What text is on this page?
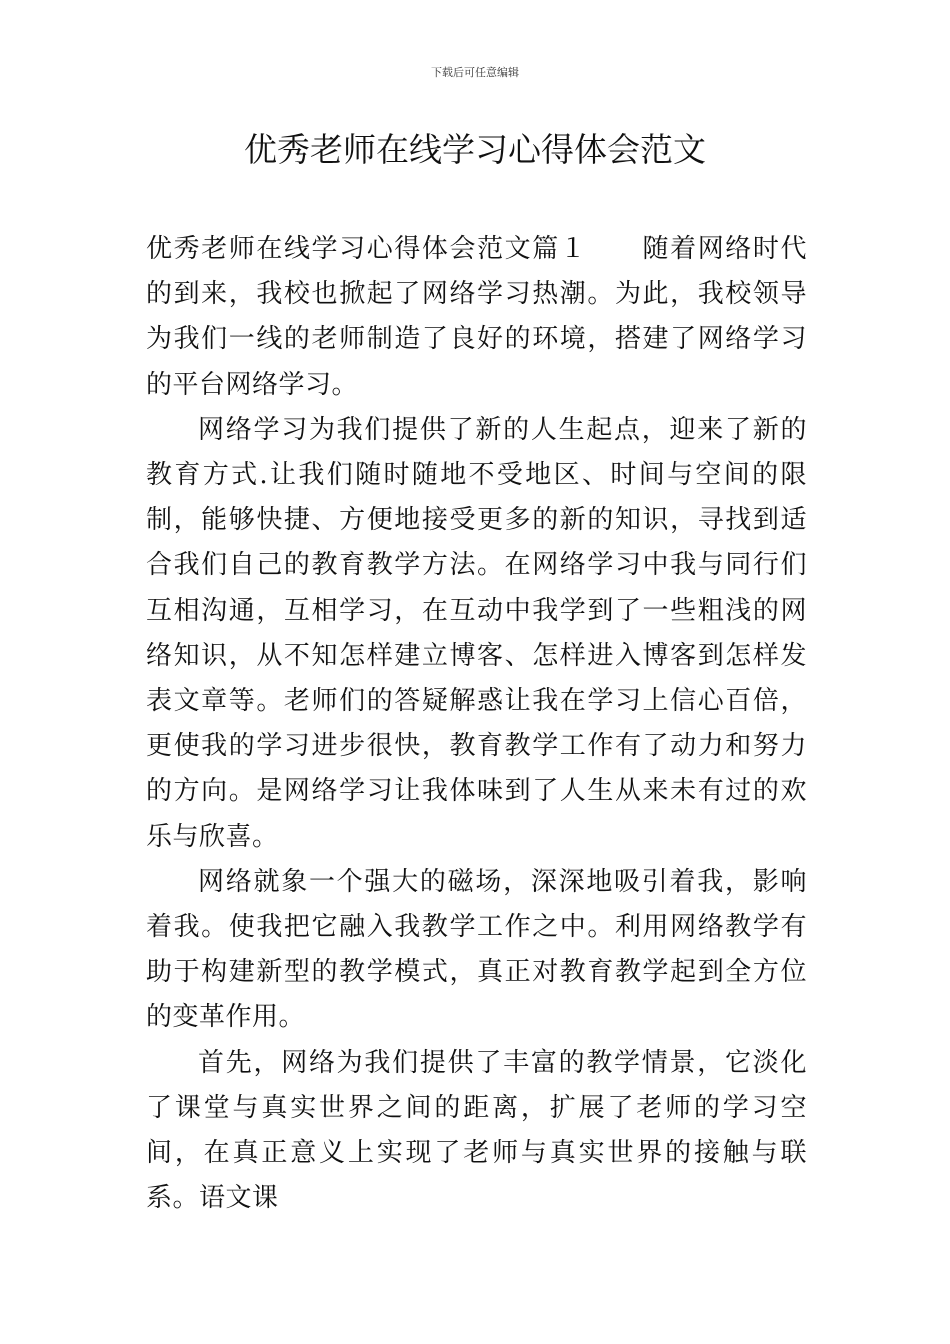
下载后可任意编辑
优秀老师在线学习心得体会范文

优秀老师在线学习心得体会范文篇１ 随着网络时代的到来，我校也掀起了网络学习热潮。为此，我校领导为我们一线的老师制造了良好的环境，搭建了网络学习的平台网络学习。

网络学习为我们提供了新的人生起点，迎来了新的教育方式.让我们随时随地不受地区、时间与空间的限制，能够快捷、方便地接受更多的新的知识，寻找到适合我们自己的教育教学方法。在网络学习中我与同行们互相沟通，互相学习，在互动中我学到了一些粗浅的网络知识，从不知怎样建立博客、怎样进入博客到怎样发表文章等。老师们的答疑解惑让我在学习上信心百倍，更使我的学习进步很快，教育教学工作有了动力和努力的方向。是网络学习让我体味到了人生从来未有过的欢乐与欣喜。

网络就象一个强大的磁场，深深地吸引着我，影响着我。使我把它融入我教学工作之中。利用网络教学有助于构建新型的教学模式，真正对教育教学起到全方位的变革作用。

首先，网络为我们提供了丰富的教学情景，它淡化了课堂与真实世界之间的距离，扩展了老师的学习空间，在真正意义上实现了老师与真实世界的接触与联系。语文课
